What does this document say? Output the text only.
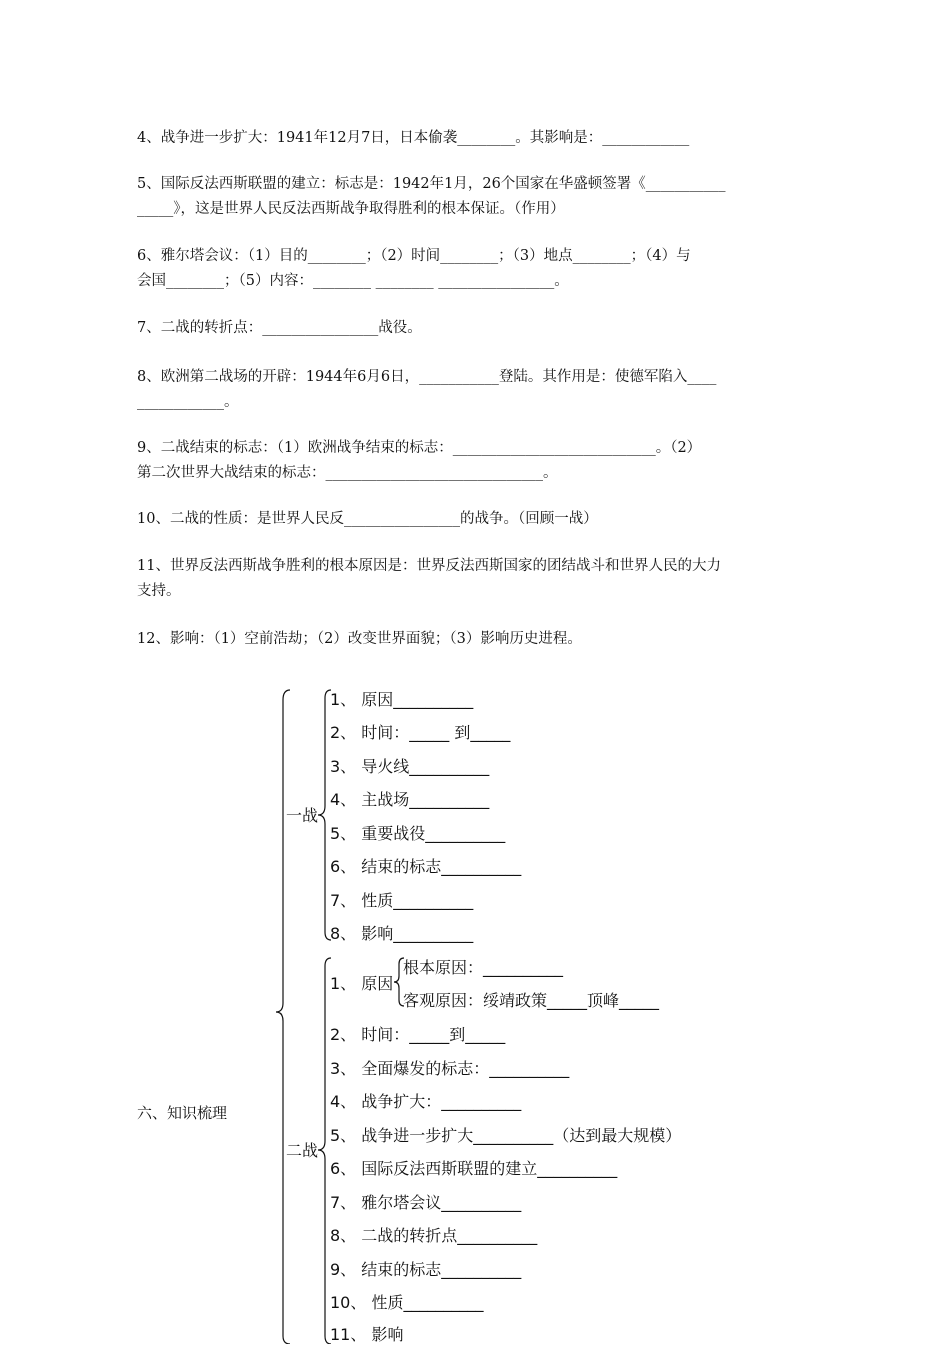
4、战争进一步扩大：1941年12月7日，日本偷袭________。其影响是：____________
5、国际反法西斯联盟的建立：标志是：1942年1月，26个国家在华盛顿签署《___________
_____》，这是世界人民反法西斯战争取得胜利的根本保证。（作用）
6、雅尔塔会议：（1）目的________；（2）时间________；（3）地点________；（4）与
会国________；（5）内容：________ ________ ________________。
7、二战的转折点：________________战役。
8、欧洲第二战场的开辟：1944年6月6日，___________登陆。其作用是：使德军陷入____
____________。
9、二战结束的标志：（1）欧洲战争结束的标志：____________________________。（2）
第二次世界大战结束的标志：______________________________。
10、二战的性质：是世界人民反________________的战争。（回顾一战）
11、世界反法西斯战争胜利的根本原因是：世界反法西斯国家的团结战斗和世界人民的大力
支持。
12、影响：（1）空前浩劫；（2）改变世界面貌；（3）影响历史进程。
六、知识梳理
一战
二战
1、 原因__________
2、 时间：_____ 到_____
3、 导火线__________
4、 主战场__________
5、 重要战役__________
6、 结束的标志__________
7、 性质__________
8、 影响__________
1、 原因
根本原因：__________
客观原因：绥靖政策_____顶峰_____
2、 时间：_____到_____
3、 全面爆发的标志：__________
4、 战争扩大：__________
5、 战争进一步扩大__________（达到最大规模）
6、 国际反法西斯联盟的建立__________
7、 雅尔塔会议__________
8、 二战的转折点__________
9、 结束的标志__________
10、 性质__________
11、 影响
